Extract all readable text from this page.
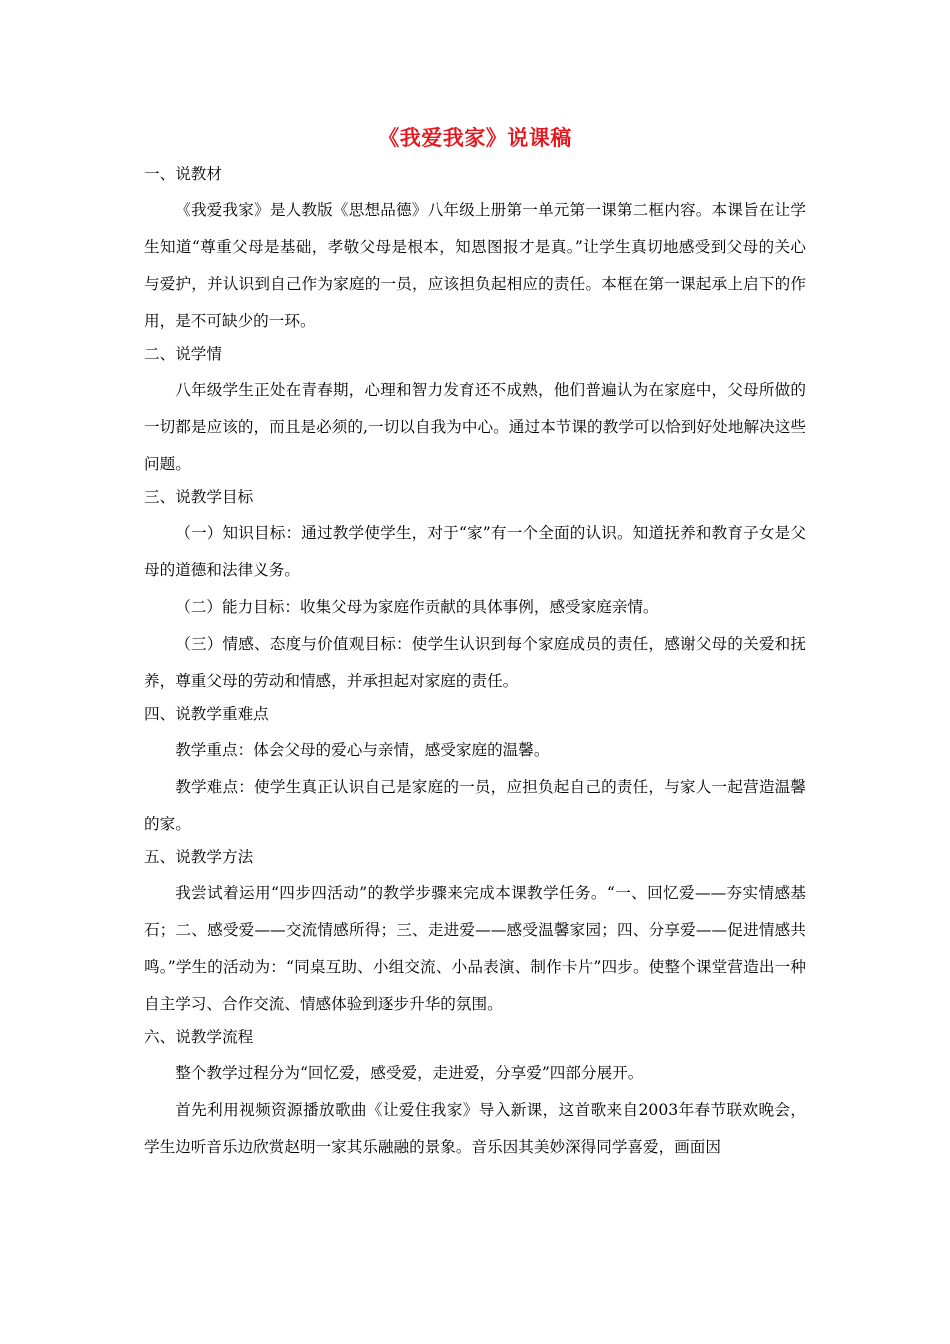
《我爱我家》说课稿
一、说教材

《我爱我家》是人教版《思想品德》八年级上册第一单元第一课第二框内容。本课旨在让学生知道“尊重父母是基础，孝敬父母是根本，知恩图报才是真。”让学生真切地感受到父母的关心与爱护，并认识到自己作为家庭的一员，应该担负起相应的责任。本框在第一课起承上启下的作用，是不可缺少的一环。

二、说学情

八年级学生正处在青春期，心理和智力发育还不成熟，他们普遍认为在家庭中，父母所做的一切都是应该的，而且是必须的,一切以自我为中心。通过本节课的教学可以恰到好处地解决这些问题。

三、说教学目标

（一）知识目标：通过教学使学生，对于“家”有一个全面的认识。知道抚养和教育子女是父母的道德和法律义务。

（二）能力目标：收集父母为家庭作贡献的具体事例，感受家庭亲情。

（三）情感、态度与价值观目标：使学生认识到每个家庭成员的责任，感谢父母的关爱和抚养，尊重父母的劳动和情感，并承担起对家庭的责任。

四、说教学重难点

教学重点：体会父母的爱心与亲情，感受家庭的温馨。

教学难点：使学生真正认识自己是家庭的一员，应担负起自己的责任，与家人一起营造温馨的家。

五、说教学方法

我尝试着运用“四步四活动”的教学步骤来完成本课教学任务。“一、回忆爱——夯实情感基石；二、感受爱——交流情感所得；三、走进爱——感受温馨家园；四、分享爱——促进情感共鸣。”学生的活动为：“同桌互助、小组交流、小品表演、制作卡片”四步。使整个课堂营造出一种自主学习、合作交流、情感体验到逐步升华的氛围。

六、说教学流程

整个教学过程分为“回忆爱，感受爱，走进爱，分享爱”四部分展开。

首先利用视频资源播放歌曲《让爱住我家》导入新课，这首歌来自2003年春节联欢晚会，学生边听音乐边欣赏赵明一家其乐融融的景象。音乐因其美妙深得同学喜爱，画面因
